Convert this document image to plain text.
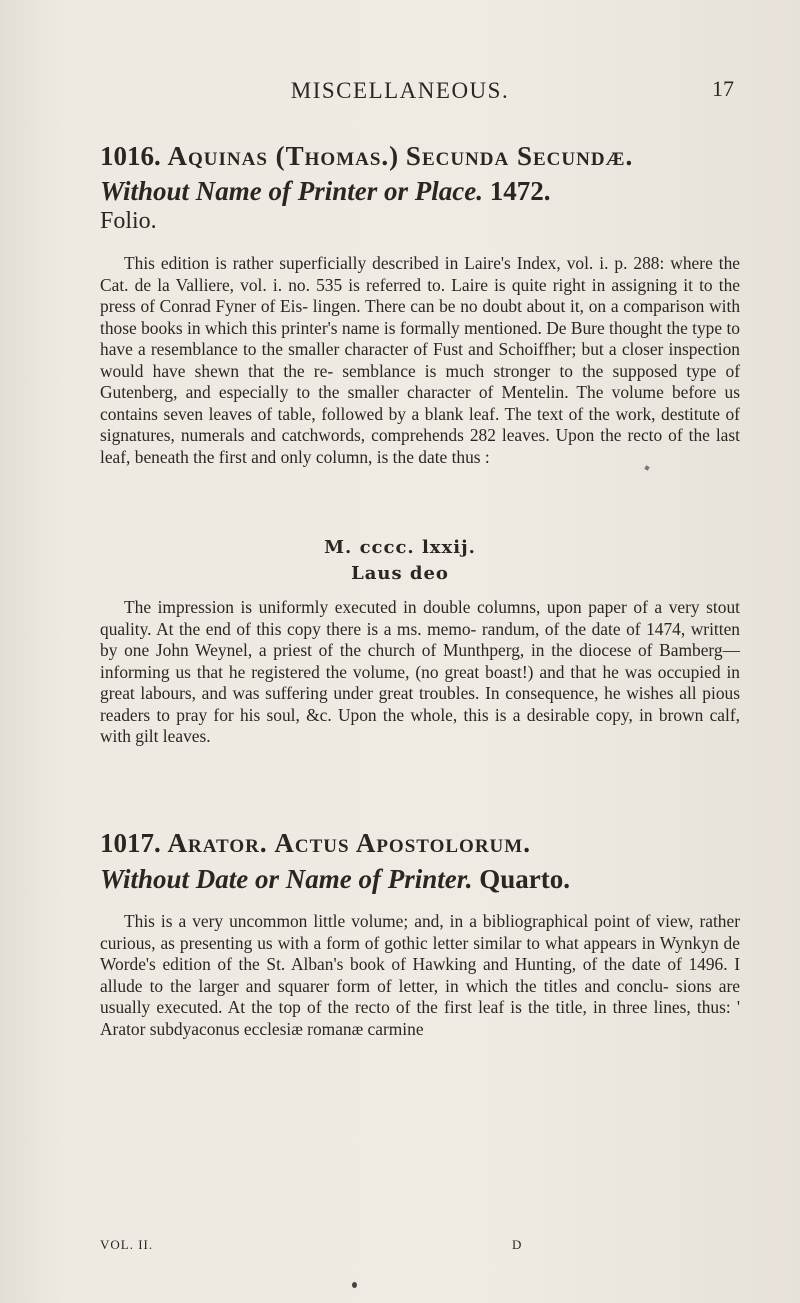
MISCELLANEOUS.	17
1016. Aquinas (Thomas.) Secunda Secundæ.
Without Name of Printer or Place. 1472.
Folio.
This edition is rather superficially described in Laire's Index, vol. i. p. 288: where the Cat. de la Valliere, vol. i. no. 535 is referred to. Laire is quite right in assigning it to the press of Conrad Fyner of Eis- lingen. There can be no doubt about it, on a comparison with those books in which this printer's name is formally mentioned. De Bure thought the type to have a resemblance to the smaller character of Fust and Schoiffher; but a closer inspection would have shewn that the re- semblance is much stronger to the supposed type of Gutenberg, and especially to the smaller character of Mentelin. The volume before us contains seven leaves of table, followed by a blank leaf. The text of the work, destitute of signatures, numerals and catchwords, comprehends 282 leaves. Upon the recto of the last leaf, beneath the first and only column, is the date thus :
M. cccc. lxxij.
Laus deo
The impression is uniformly executed in double columns, upon paper of a very stout quality. At the end of this copy there is a ms. memo- randum, of the date of 1474, written by one John Weynel, a priest of the church of Munthperg, in the diocese of Bamberg—informing us that he registered the volume, (no great boast!) and that he was occupied in great labours, and was suffering under great troubles. In consequence, he wishes all pious readers to pray for his soul, &c. Upon the whole, this is a desirable copy, in brown calf, with gilt leaves.
1017. Arator. Actus Apostolorum.
Without Date or Name of Printer. Quarto.
This is a very uncommon little volume; and, in a bibliographical point of view, rather curious, as presenting us with a form of gothic letter similar to what appears in Wynkyn de Worde's edition of the St. Alban's book of Hawking and Hunting, of the date of 1496. I allude to the larger and squarer form of letter, in which the titles and conclu- sions are usually executed. At the top of the recto of the first leaf is the title, in three lines, thus: ' Arator subdyaconus ecclesiæ romanæ carmine
VOL. II.	D
